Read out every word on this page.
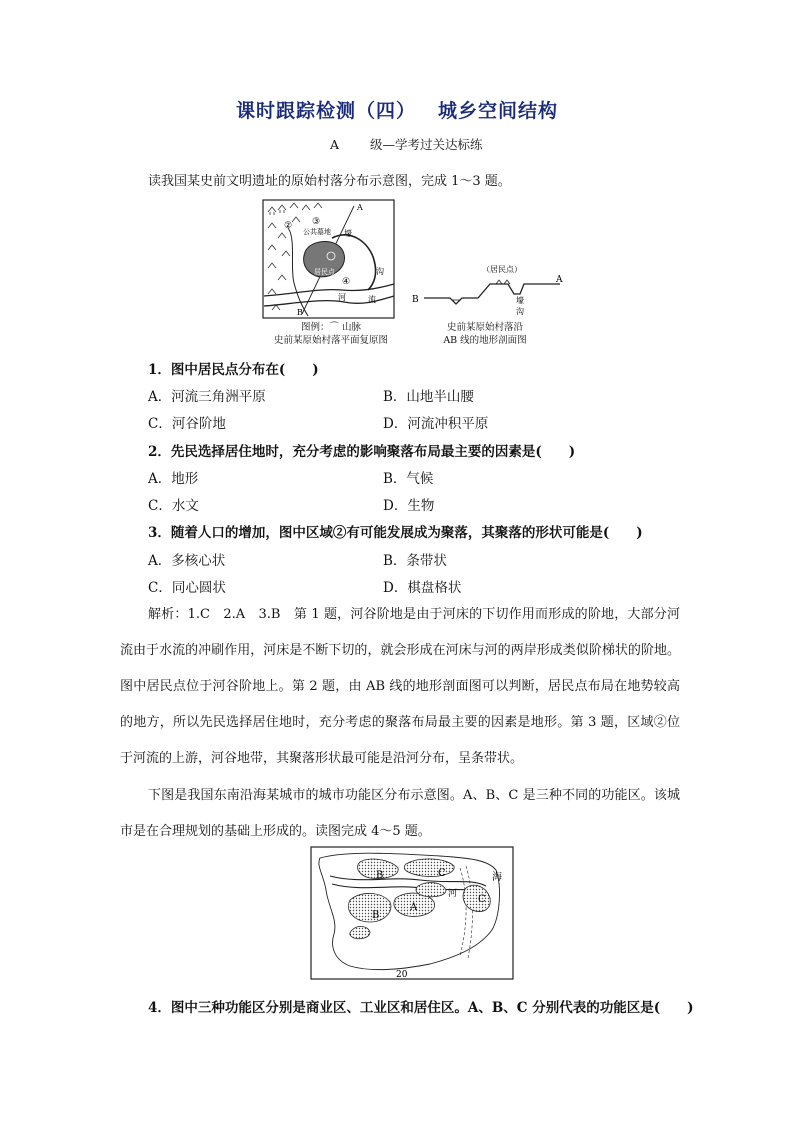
课时跟踪检测（四） 城乡空间结构
A 级—学考过关达标练
读我国某史前文明遗址的原始村落分布示意图，完成 1～3 题。
A
B
② ③
④
公共墓地
居民点
壕
沟
河	流
图例：⌒ 山脉
史前某原始村落平面复原图
B
A
（居民点）
壕
沟
史前某原始村落沿
AB 线的地形剖面图
1．图中居民点分布在(　　)
A．河流三角洲平原	B．山地半山腰
C．河谷阶地	D．河流冲积平原
2．先民选择居住地时，充分考虑的影响聚落布局最主要的因素是(　　)
A．地形	B．气候
C．水文	D．生物
3．随着人口的增加，图中区域②有可能发展成为聚落，其聚落的形状可能是(　　)
A．多核心状	B．条带状
C．同心圆状	D．棋盘格状
解析：1.C　2.A　3.B　第 1 题，河谷阶地是由于河床的下切作用而形成的阶地，大部分河流由于水流的冲刷作用，河床是不断下切的，就会形成在河床与河的两岸形成类似阶梯状的阶地。图中居民点位于河谷阶地上。第 2 题，由 AB 线的地形剖面图可以判断，居民点布局在地势较高的地方，所以先民选择居住地时，充分考虑的聚落布局最主要的因素是地形。第 3 题，区域②位于河流的上游，河谷地带，其聚落形状最可能是沿河分布，呈条带状。
下图是我国东南沿海某城市的城市功能区分布示意图。A、B、C 是三种不同的功能区。该城市是在合理规划的基础上形成的。读图完成 4～5 题。
B	C
B
A
C
海
河
20
4．图中三种功能区分别是商业区、工业区和居住区。A、B、C 分别代表的功能区是(　　)
